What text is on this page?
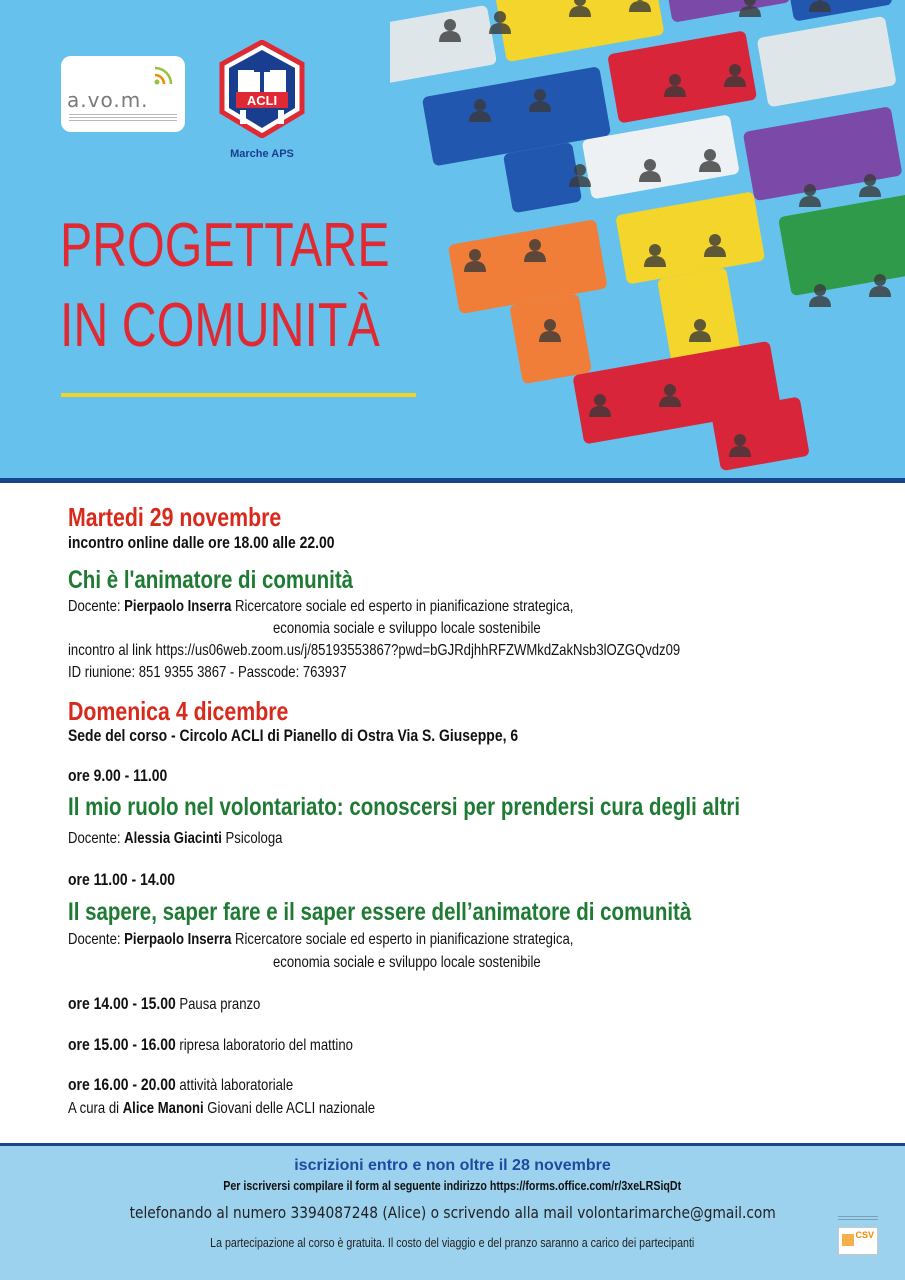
a.vo.m.	ACLI
Marche APS
PROGETTARE
IN COMUNITÀ
Martedi 29 novembre
incontro online dalle ore 18.00 alle 22.00
Chi è l'animatore di comunità
Docente: Pierpaolo Inserra Ricercatore sociale ed esperto in pianificazione strategica,
economia sociale e sviluppo locale sostenibile
incontro al link https://us06web.zoom.us/j/85193553867?pwd=bGJRdjhhRFZWMkdZakNsb3lOZGQvdz09
ID riunione: 851 9355 3867 - Passcode: 763937
Domenica 4 dicembre
Sede del corso - Circolo ACLI di Pianello di Ostra Via S. Giuseppe, 6
ore 9.00 - 11.00
Il mio ruolo nel volontariato: conoscersi per prendersi cura degli altri
Docente: Alessia Giacinti Psicologa
ore 11.00 - 14.00
Il sapere, saper fare e il saper essere dell’animatore di comunità
Docente: Pierpaolo Inserra Ricercatore sociale ed esperto in pianificazione strategica,
economia sociale e sviluppo locale sostenibile
ore 14.00 - 15.00 Pausa pranzo
ore 15.00 - 16.00 ripresa laboratorio del mattino
ore 16.00 - 20.00 attività laboratoriale
A cura di Alice Manoni Giovani delle ACLI nazionale
iscrizioni entro e non oltre il 28 novembre
Per iscriversi compilare il form al seguente indirizzo https://forms.office.com/r/3xeLRSiqDt
telefonando al numero 3394087248 (Alice) o scrivendo alla mail volontarimarche@gmail.com
La partecipazione al corso è gratuita. Il costo del viaggio e del pranzo saranno a carico dei partecipanti	CSV
